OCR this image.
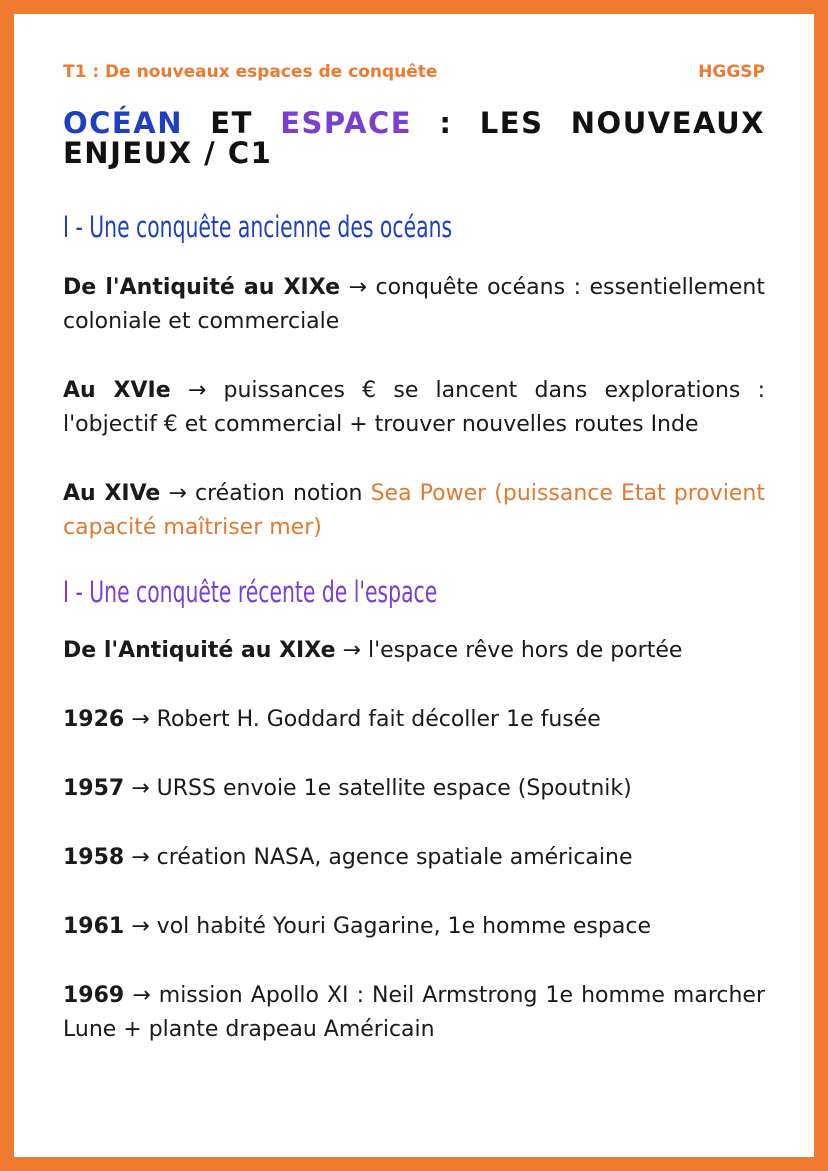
T1 : De nouveaux espaces de conquête	HGGSP
OCÉAN ET ESPACE : LES NOUVEAUX ENJEUX / C1
I - Une conquête ancienne des océans
De l'Antiquité au XIXe → conquête océans : essentiellement coloniale et commerciale
Au XVIe → puissances € se lancent dans explorations : l'objectif € et commercial + trouver nouvelles routes Inde
Au XIVe → création notion Sea Power (puissance Etat provient capacité maîtriser mer)
I - Une conquête récente de l'espace
De l'Antiquité au XIXe → l'espace rêve hors de portée
1926 → Robert H. Goddard fait décoller 1e fusée
1957 → URSS envoie 1e satellite espace (Spoutnik)
1958 → création NASA, agence spatiale américaine
1961 → vol habité Youri Gagarine, 1e homme espace
1969 → mission Apollo XI : Neil Armstrong 1e homme marcher Lune + plante drapeau Américain
